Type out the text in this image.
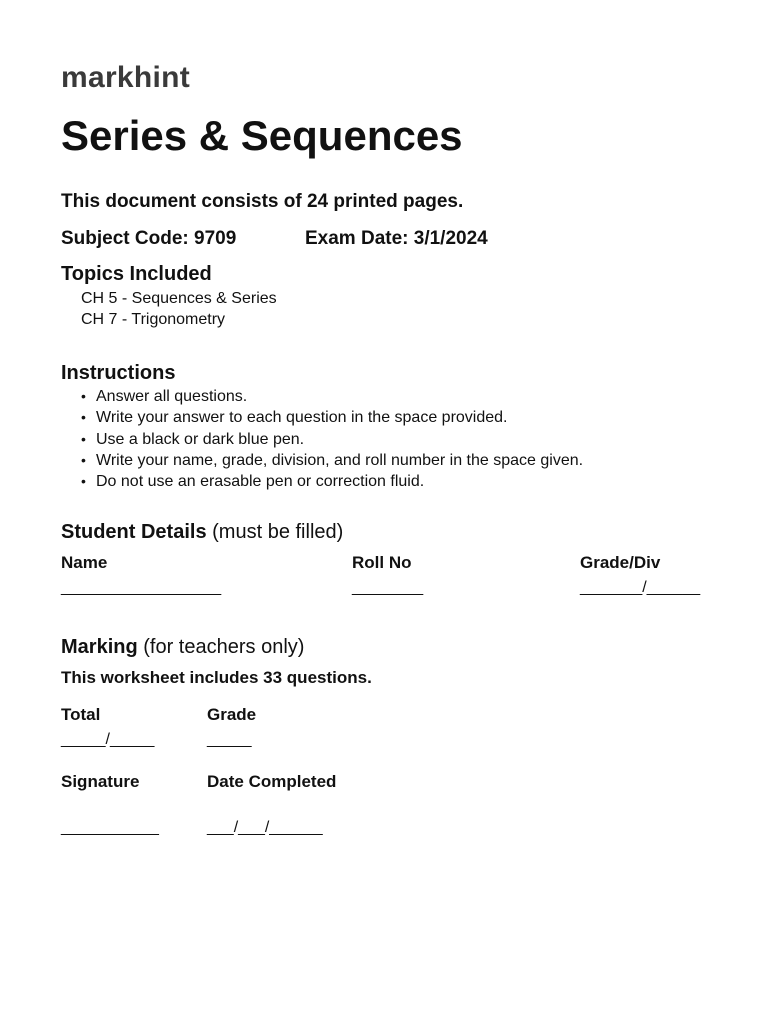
markhint
Series & Sequences
This document consists of 24 printed pages.
Subject Code: 9709	Exam Date: 3/1/2024
Topics Included
CH 5 - Sequences & Series
CH 7 - Trigonometry
Instructions
• Answer all questions.
• Write your answer to each question in the space provided.
• Use a black or dark blue pen.
• Write your name, grade, division, and roll number in the space given.
• Do not use an erasable pen or correction fluid.
Student Details (must be filled)
Name
__________________
Roll No
________
Grade/Div
_______/______
Marking (for teachers only)
This worksheet includes 33 questions.
Total
_____/_____
Grade
_____
Signature
___________
Date Completed
___/___/______
